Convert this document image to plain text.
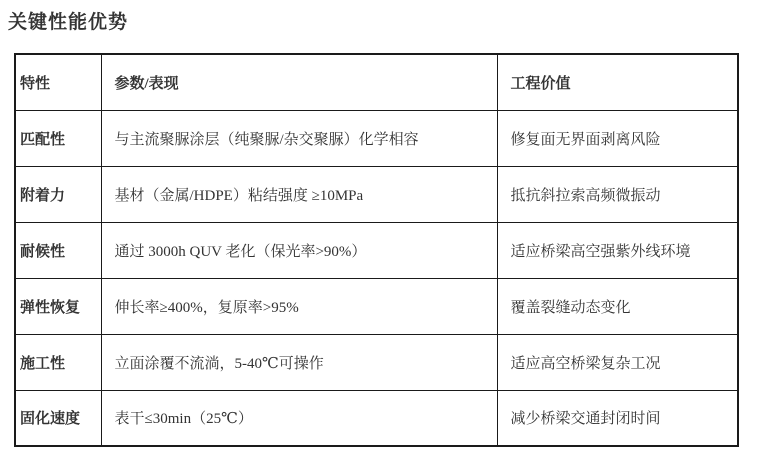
关键性能优势
特性	参数/表现	工程价值
匹配性	与主流聚脲涂层（纯聚脲/杂交聚脲）化学相容	修复面无界面剥离风险
附着力	基材（金属/HDPE）粘结强度 ≥10MPa	抵抗斜拉索高频微振动
耐候性	通过 3000h QUV 老化（保光率>90%）	适应桥梁高空强紫外线环境
弹性恢复	伸长率≥400%，复原率>95%	覆盖裂缝动态变化
施工性	立面涂覆不流淌，5-40℃可操作	适应高空桥梁复杂工况
固化速度	表干≤30min（25℃）	减少桥梁交通封闭时间
